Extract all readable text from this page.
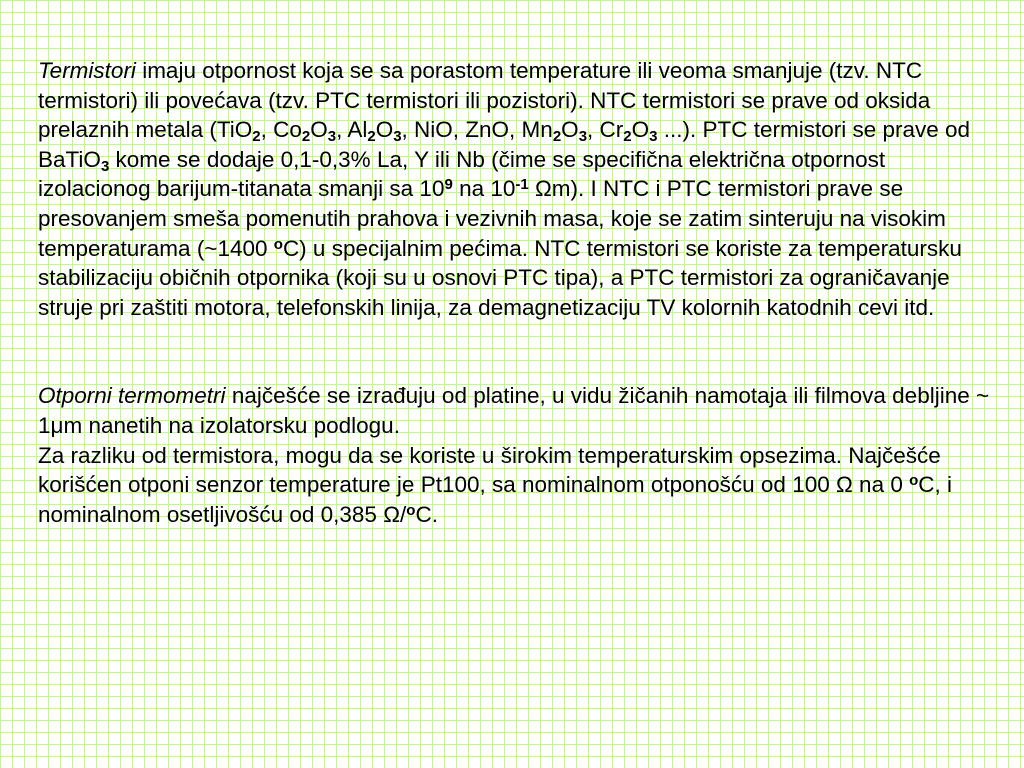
Termistori imaju otpornost koja se sa porastom temperature ili veoma smanjuje (tzv. NTC termistori) ili povećava (tzv. PTC termistori ili pozistori). NTC termistori se prave od oksida prelaznih metala (TiO$_2$, $Co_2O_3$, $Al_2O_3$, NiO, ZnO, $Mn_2O_3$, $Cr_2O_3$ ...). PTC termistori se prave od BaTiO$_3$ kome se dodaje 0,1-0,3% La, Y ili Nb (čime se specifična električna otpornost izolacionog barijum-titanata smanji sa $10^9$ na $10^{-1}$ Ωm). I NTC i PTC termistori prave se presovanjem smeša pomenutih prahova i vezivnih masa, koje se zatim sinteruju na visokim temperaturama (~1400 $^o$C) u specijalnim pećima. NTC termistori se koriste za temperatursku stabilizaciju običnih otpornika (koji su u osnovi PTC tipa), a PTC termistori za ograničavanje struje pri zaštiti motora, telefonskih linija, za demagnetizaciju TV kolornih katodnih cevi itd.

Otporni termometri najčešće se izrađuju od platine, u vidu žičanih namotaja ili filmova debljine ~ 1μm nanetih na izolatorsku podlogu.
Za razliku od termistora, mogu da se koriste u širokim temperaturskim opsezima. Najčešće korišćen otponi senzor temperature je Pt100, sa nominalnom otponošću od 100 Ω na 0 $^o$C, i nominalnom osetljivošću od 0,385 Ω/$^o$C.
